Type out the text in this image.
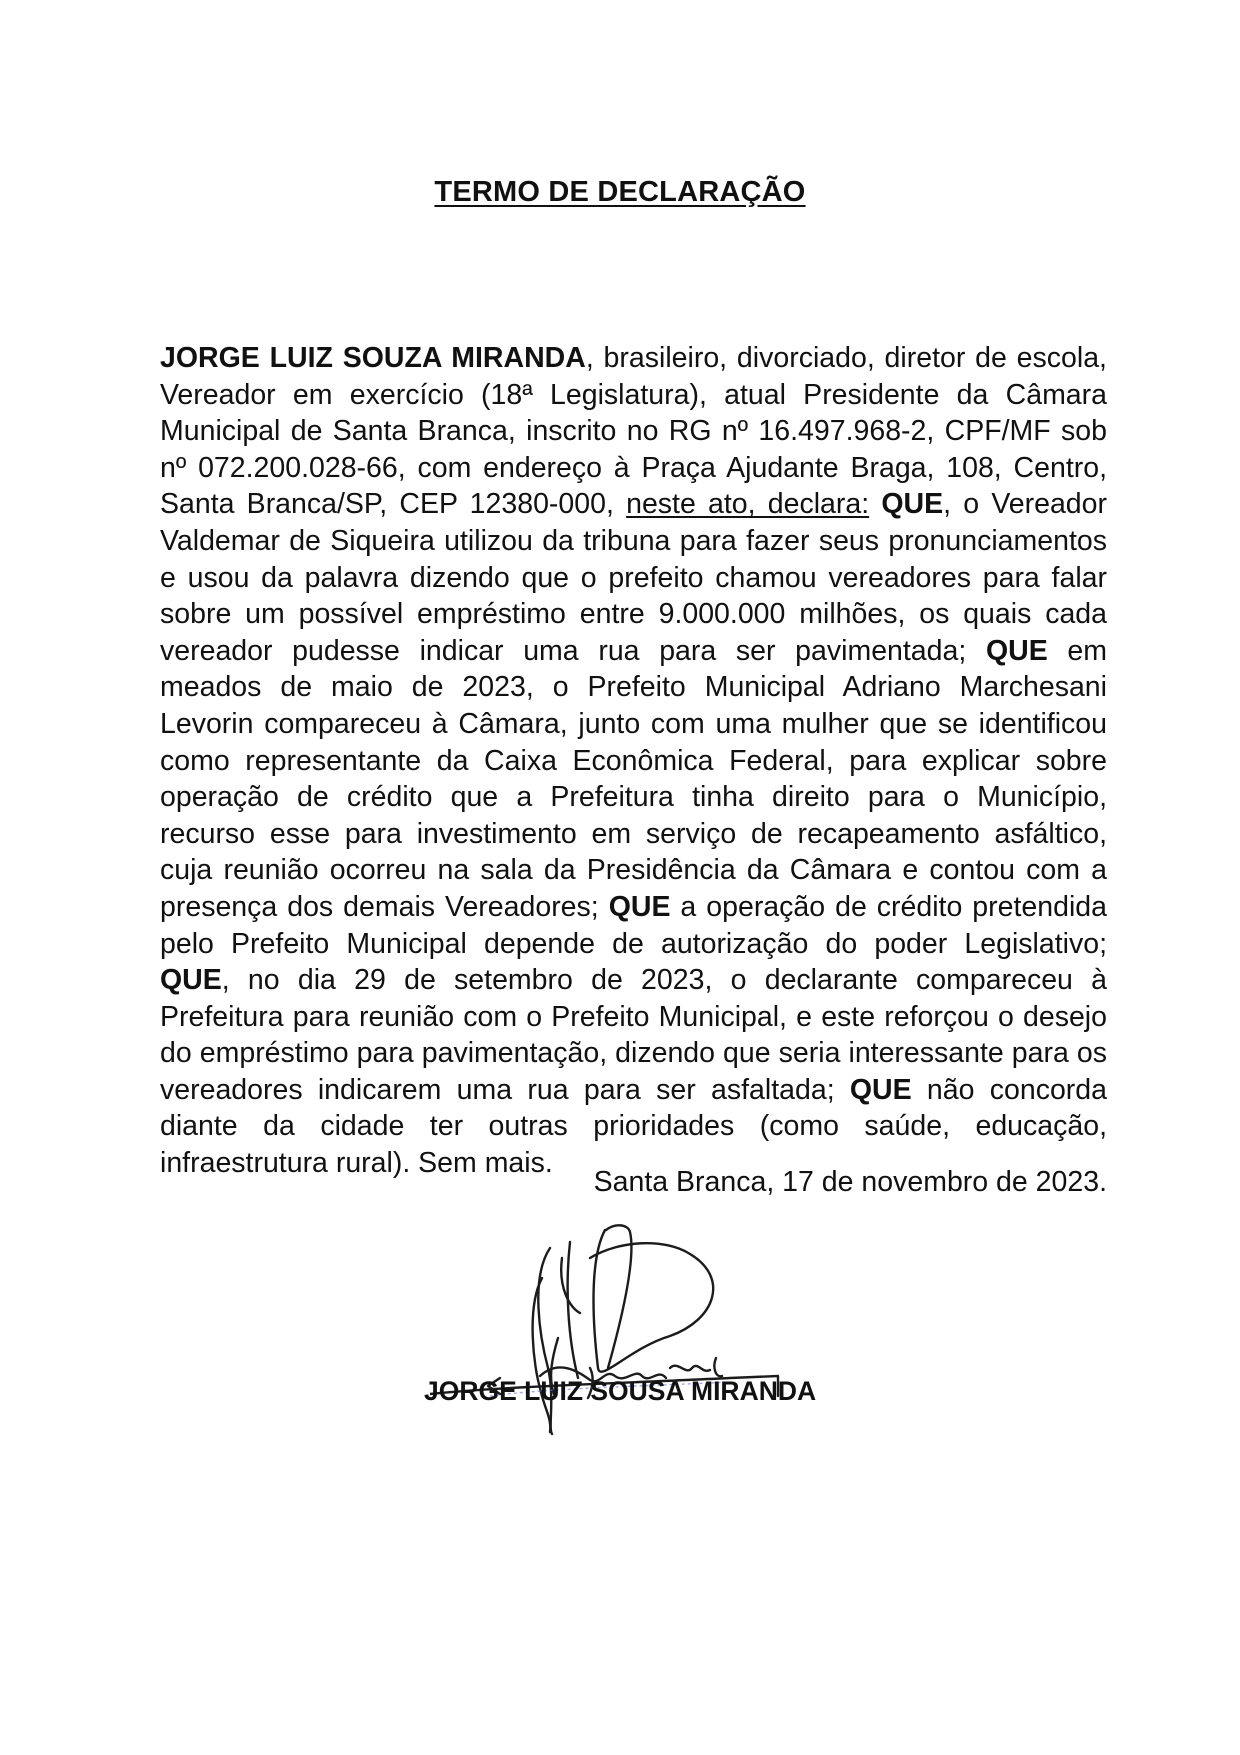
TERMO DE DECLARAÇÃO
JORGE LUIZ SOUZA MIRANDA, brasileiro, divorciado, diretor de escola, Vereador em exercício (18ª Legislatura), atual Presidente da Câmara Municipal de Santa Branca, inscrito no RG nº 16.497.968-2, CPF/MF sob nº 072.200.028-66, com endereço à Praça Ajudante Braga, 108, Centro, Santa Branca/SP, CEP 12380-000, neste ato, declara: QUE, o Vereador Valdemar de Siqueira utilizou da tribuna para fazer seus pronunciamentos e usou da palavra dizendo que o prefeito chamou vereadores para falar sobre um possível empréstimo entre 9.000.000 milhões, os quais cada vereador pudesse indicar uma rua para ser pavimentada; QUE em meados de maio de 2023, o Prefeito Municipal Adriano Marchesani Levorin compareceu à Câmara, junto com uma mulher que se identificou como representante da Caixa Econômica Federal, para explicar sobre operação de crédito que a Prefeitura tinha direito para o Município, recurso esse para investimento em serviço de recapeamento asfáltico, cuja reunião ocorreu na sala da Presidência da Câmara e contou com a presença dos demais Vereadores; QUE a operação de crédito pretendida pelo Prefeito Municipal depende de autorização do poder Legislativo; QUE, no dia 29 de setembro de 2023, o declarante compareceu à Prefeitura para reunião com o Prefeito Municipal, e este reforçou o desejo do empréstimo para pavimentação, dizendo que seria interessante para os vereadores indicarem uma rua para ser asfaltada; QUE não concorda diante da cidade ter outras prioridades (como saúde, educação, infraestrutura rural). Sem mais.
Santa Branca, 17 de novembro de 2023.
JORGE LUIZ SOUSA MIRANDA
